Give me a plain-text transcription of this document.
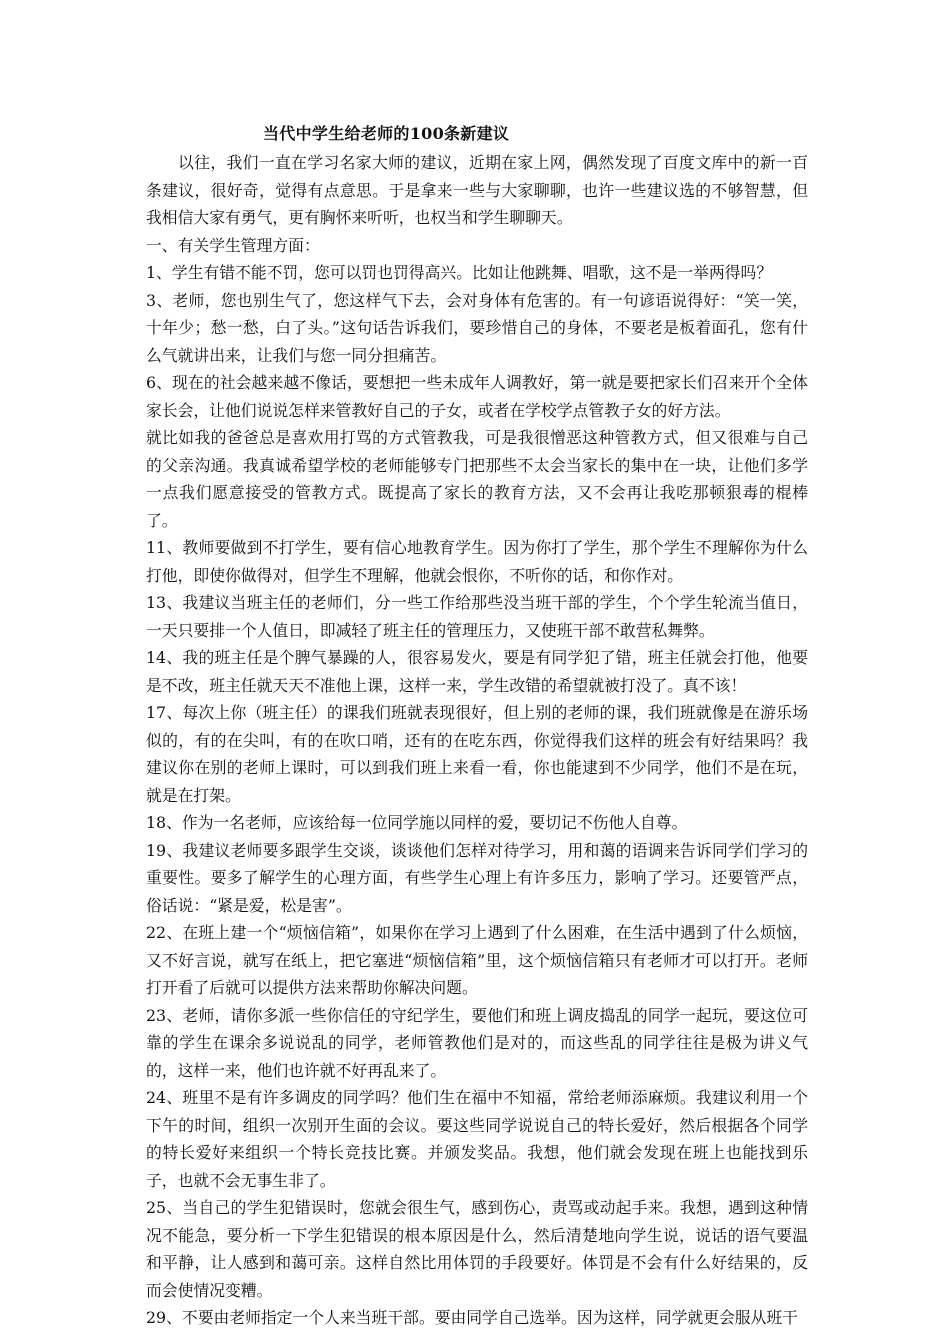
当代中学生给老师的100条新建议

以往，我们一直在学习名家大师的建议，近期在家上网，偶然发现了百度文库中的新一百条建议，很好奇，觉得有点意思。于是拿来一些与大家聊聊，也许一些建议选的不够智慧，但我相信大家有勇气，更有胸怀来听听，也权当和学生聊聊天。

一、有关学生管理方面：

1、学生有错不能不罚，您可以罚也罚得高兴。比如让他跳舞、唱歌，这不是一举两得吗？

3、老师，您也别生气了，您这样气下去，会对身体有危害的。有一句谚语说得好：“笑一笑，十年少；愁一愁，白了头。”这句话告诉我们，要珍惜自己的身体，不要老是板着面孔，您有什么气就讲出来，让我们与您一同分担痛苦。

6、现在的社会越来越不像话，要想把一些未成年人调教好，第一就是要把家长们召来开个全体家长会，让他们说说怎样来管教好自己的子女，或者在学校学点管教子女的好方法。

就比如我的爸爸总是喜欢用打骂的方式管教我，可是我很憎恶这种管教方式，但又很难与自己的父亲沟通。我真诚希望学校的老师能够专门把那些不太会当家长的集中在一块，让他们多学一点我们愿意接受的管教方式。既提高了家长的教育方法，又不会再让我吃那顿狠毒的棍棒了。

11、教师要做到不打学生，要有信心地教育学生。因为你打了学生，那个学生不理解你为什么打他，即使你做得对，但学生不理解，他就会恨你，不听你的话，和你作对。

13、我建议当班主任的老师们，分一些工作给那些没当班干部的学生，个个学生轮流当值日，一天只要排一个人值日，即减轻了班主任的管理压力，又使班干部不敢营私舞弊。

14、我的班主任是个脾气暴躁的人，很容易发火，要是有同学犯了错，班主任就会打他，他要是不改，班主任就天天不准他上课，这样一来，学生改错的希望就被打没了。真不该！

17、每次上你（班主任）的课我们班就表现很好，但上别的老师的课，我们班就像是在游乐场似的，有的在尖叫，有的在吹口哨，还有的在吃东西，你觉得我们这样的班会有好结果吗？我建议你在别的老师上课时，可以到我们班上来看一看，你也能逮到不少同学，他们不是在玩，就是在打架。

18、作为一名老师，应该给每一位同学施以同样的爱，要切记不伤他人自尊。

19、我建议老师要多跟学生交谈，谈谈他们怎样对待学习，用和蔼的语调来告诉同学们学习的重要性。要多了解学生的心理方面，有些学生心理上有许多压力，影响了学习。还要管严点，俗话说：“紧是爱，松是害”。

22、在班上建一个“烦恼信箱”，如果你在学习上遇到了什么困难，在生活中遇到了什么烦恼，又不好言说，就写在纸上，把它塞进“烦恼信箱”里，这个烦恼信箱只有老师才可以打开。老师打开看了后就可以提供方法来帮助你解决问题。

23、老师，请你多派一些你信任的守纪学生，要他们和班上调皮捣乱的同学一起玩，要这位可靠的学生在课余多说说乱的同学，老师管教他们是对的，而这些乱的同学往往是极为讲义气的，这样一来，他们也许就不好再乱来了。

24、班里不是有许多调皮的同学吗？他们生在福中不知福，常给老师添麻烦。我建议利用一个下午的时间，组织一次别开生面的会议。要这些同学说说自己的特长爱好，然后根据各个同学的特长爱好来组织一个特长竞技比赛。并颁发奖品。我想，他们就会发现在班上也能找到乐子，也就不会无事生非了。

25、当自己的学生犯错误时，您就会很生气，感到伤心，责骂或动起手来。我想，遇到这种情况不能急，要分析一下学生犯错误的根本原因是什么，然后清楚地向学生说，说话的语气要温和平静，让人感到和蔼可亲。这样自然比用体罚的手段要好。体罚是不会有什么好结果的，反而会使情况变糟。

29、不要由老师指定一个人来当班干部。要由同学自己选举。因为这样，同学就更会服从班干
